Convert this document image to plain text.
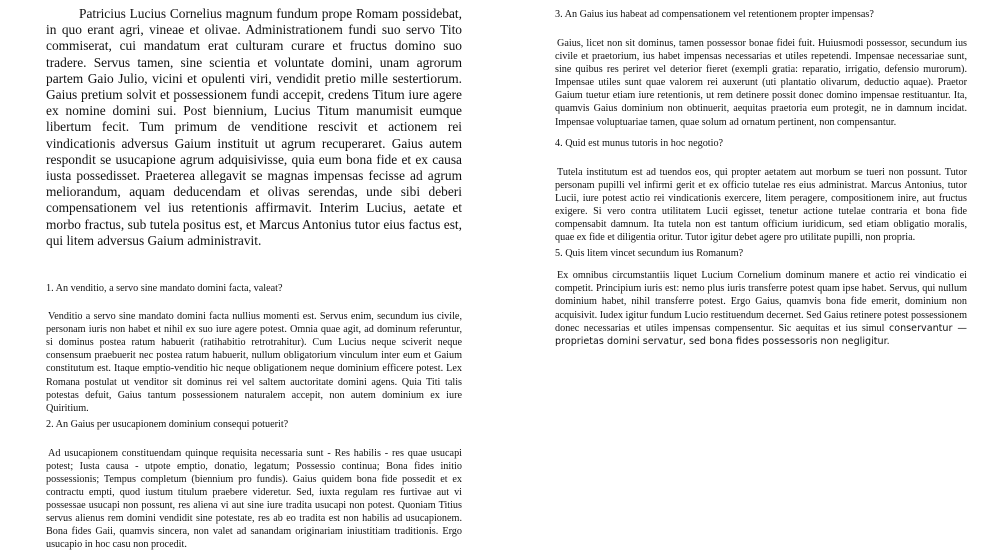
Patricius Lucius Cornelius magnum fundum prope Romam possidebat, in quo erant agri, vineae et olivae. Administrationem fundi suo servo Tito commiserat, cui mandatum erat culturam curare et fructus domino suo tradere. Servus tamen, sine scientia et voluntate domini, unam agrorum partem Gaio Julio, vicini et opulenti viri, vendidit pretio mille sestertiorum. Gaius pretium solvit et possessionem fundi accepit, credens Titum iure agere ex nomine domini sui. Post biennium, Lucius Titum manumisit eumque libertum fecit. Tum primum de venditione rescivit et actionem rei vindicationis adversus Gaium instituit ut agrum recuperaret. Gaius autem respondit se usucapione agrum adquisivisse, quia eum bona fide et ex causa iusta possedisset. Praeterea allegavit se magnas impensas fecisse ad agrum meliorandum, aquam deducendam et olivas serendas, unde sibi deberi compensationem vel ius retentionis affirmavit. Interim Lucius, aetate et morbo fractus, sub tutela positus est, et Marcus Antonius tutor eius factus est, qui litem adversus Gaium administravit.

1. An venditio, a servo sine mandato domini facta, valeat?

Venditio a servo sine mandato domini facta nullius momenti est. Servus enim, secundum ius civile, personam iuris non habet et nihil ex suo iure agere potest. Omnia quae agit, ad dominum referuntur, si dominus postea ratum habuerit (ratihabitio retrotrahitur). Cum Lucius neque sciverit neque consensum praebuerit nec postea ratum habuerit, nullum obligatorium vinculum inter eum et Gaium constitutum est. Itaque emptio-venditio hic neque obligationem neque dominium efficere potest. Lex Romana postulat ut venditor sit dominus rei vel saltem auctoritate domini agens. Quia Titi talis potestas defuit, Gaius tantum possessionem naturalem accepit, non autem dominium ex iure Quiritium.

2. An Gaius per usucapionem dominium consequi potuerit?

Ad usucapionem constituendam quinque requisita necessaria sunt - Res habilis - res quae usucapi potest; Iusta causa - utpote emptio, donatio, legatum; Possessio continua; Bona fides initio possessionis; Tempus completum (biennium pro fundis). Gaius quidem bona fide possedit et ex contractu empti, quod iustum titulum praebere videretur. Sed, iuxta regulam res furtivae aut vi possessae usucapi non possunt, res aliena vi aut sine iure tradita usucapi non potest. Quoniam Titius servus alienus rem domini vendidit sine potestate, res ab eo tradita est non habilis ad usucapionem. Bona fides Gaii, quamvis sincera, non valet ad sanandam originariam iniustitiam traditionis. Ergo usucapio in hoc casu non procedit.

3. An Gaius ius habeat ad compensationem vel retentionem propter impensas?

Gaius, licet non sit dominus, tamen possessor bonae fidei fuit. Huiusmodi possessor, secundum ius civile et praetorium, ius habet impensas necessarias et utiles repetendi. Impensae necessariae sunt, sine quibus res periret vel deterior fieret (exempli gratia: reparatio, irrigatio, defensio murorum). Impensae utiles sunt quae valorem rei auxerunt (uti plantatio olivarum, deductio aquae). Praetor Gaium tuetur etiam iure retentionis, ut rem detinere possit donec domino impensae restituantur. Ita, quamvis Gaius dominium non obtinuerit, aequitas praetoria eum protegit, ne in damnum incidat. Impensae voluptuariae tamen, quae solum ad ornatum pertinent, non compensantur.

4. Quid est munus tutoris in hoc negotio?

Tutela institutum est ad tuendos eos, qui propter aetatem aut morbum se tueri non possunt. Tutor personam pupilli vel infirmi gerit et ex officio tutelae res eius administrat. Marcus Antonius, tutor Lucii, iure potest actio rei vindicationis exercere, litem peragere, compositionem inire, aut fructus exigere. Si vero contra utilitatem Lucii egisset, tenetur actione tutelae contraria et bona fide compensabit damnum. Ita tutela non est tantum officium iuridicum, sed etiam obligatio moralis, quae ex fide et diligentia oritur. Tutor igitur debet agere pro utilitate pupilli, non propria.

5. Quis litem vincet secundum ius Romanum?

Ex omnibus circumstantiis liquet Lucium Cornelium dominum manere et actio rei vindicatio ei competit. Principium iuris est: nemo plus iuris transferre potest quam ipse habet. Servus, qui nullum dominium habet, nihil transferre potest. Ergo Gaius, quamvis bona fide emerit, dominium non acquisivit. Iudex igitur fundum Lucio restituendum decernet. Sed Gaius retinere potest possessionem donec necessarias et utiles impensas compensentur. Sic aequitas et ius simul conservantur — proprietas domini servatur, sed bona fides possessoris non negligitur.
